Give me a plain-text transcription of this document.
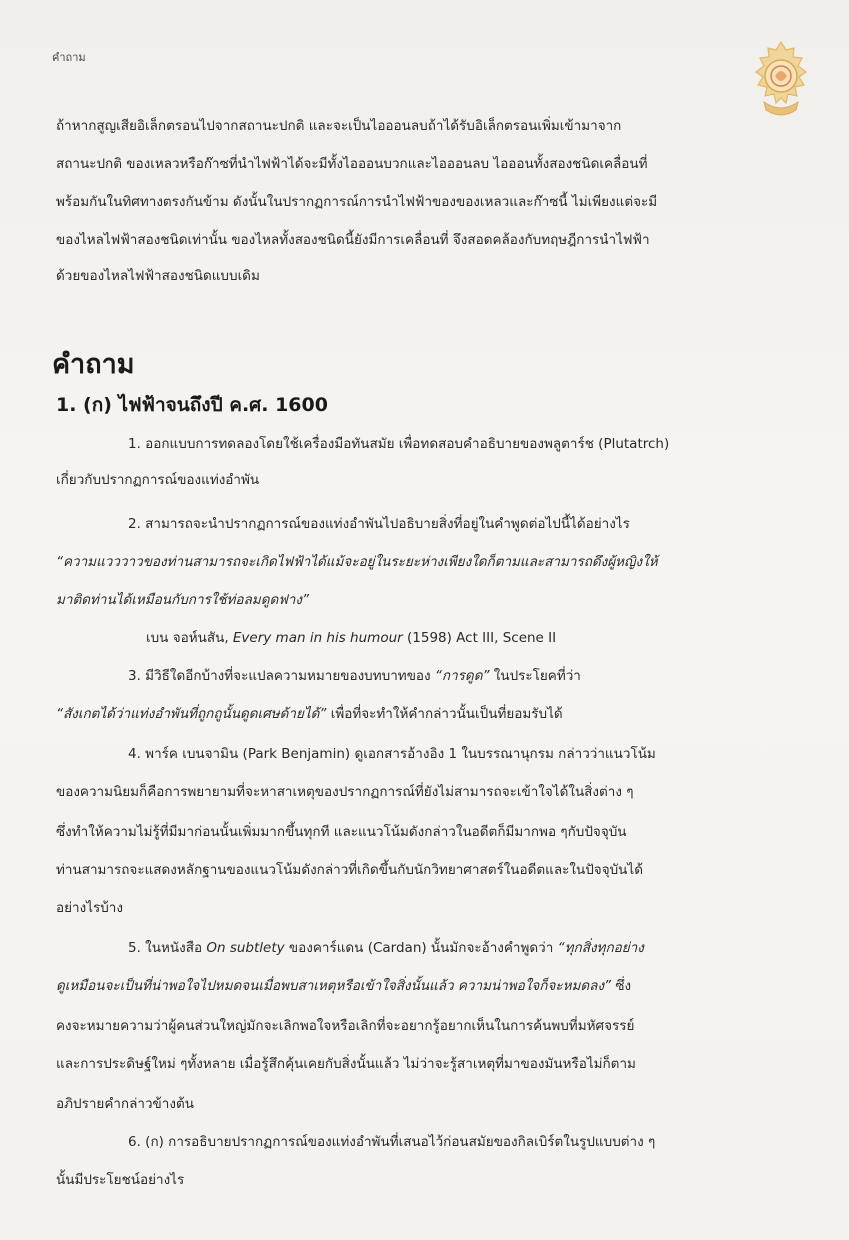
คำถาม
ถ้าหากสูญเสียอิเล็กตรอนไปจากสถานะปกติ และจะเป็นไอออนลบถ้าได้รับอิเล็กตรอนเพิ่มเข้ามาจาก
สถานะปกติ ของเหลวหรือก๊าซที่นำไฟฟ้าได้จะมีทั้งไอออนบวกและไอออนลบ ไอออนทั้งสองชนิดเคลื่อนที่
พร้อมกันในทิศทางตรงกันข้าม ดังนั้นในปรากฏการณ์การนำไฟฟ้าของของเหลวและก๊าซนี้ ไม่เพียงแต่จะมี
ของไหลไฟฟ้าสองชนิดเท่านั้น ของไหลทั้งสองชนิดนี้ยังมีการเคลื่อนที่ จึงสอดคล้องกับทฤษฎีการนำไฟฟ้า
ด้วยของไหลไฟฟ้าสองชนิดแบบเดิม
คำถาม
1. (ก) ไฟฟ้าจนถึงปี ค.ศ. 1600
1. ออกแบบการทดลองโดยใช้เครื่องมือทันสมัย เพื่อทดสอบคำอธิบายของพลูตาร์ช (Plutatrch)
เกี่ยวกับปรากฏการณ์ของแท่งอำพัน
2. สามารถจะนำปรากฏการณ์ของแท่งอำพันไปอธิบายสิ่งที่อยู่ในคำพูดต่อไปนี้ได้อย่างไร
“ความแวววาวของท่านสามารถจะเกิดไฟฟ้าได้แม้จะอยู่ในระยะห่างเพียงใดก็ตามและสามารถดึงผู้หญิงให้
มาติดท่านได้เหมือนกับการใช้ท่อลมดูดฟาง”
เบน จอห์นสัน, Every man in his humour (1598) Act III, Scene II
3. มีวิธีใดอีกบ้างที่จะแปลความหมายของบทบาทของ “การดูด” ในประโยคที่ว่า
“สังเกตได้ว่าแท่งอำพันที่ถูกถูนั้นดูดเศษด้ายได้” เพื่อที่จะทำให้คำกล่าวนั้นเป็นที่ยอมรับได้
4. พาร์ค เบนจามิน (Park Benjamin) ดูเอกสารอ้างอิง 1 ในบรรณานุกรม กล่าวว่าแนวโน้ม
ของความนิยมก็คือการพยายามที่จะหาสาเหตุของปรากฏการณ์ที่ยังไม่สามารถจะเข้าใจได้ในสิ่งต่าง ๆ
ซึ่งทำให้ความไม่รู้ที่มีมาก่อนนั้นเพิ่มมากขึ้นทุกที และแนวโน้มดังกล่าวในอดีตก็มีมากพอ ๆกับปัจจุบัน
ท่านสามารถจะแสดงหลักฐานของแนวโน้มดังกล่าวที่เกิดขึ้นกับนักวิทยาศาสตร์ในอดีตและในปัจจุบันได้
อย่างไรบ้าง
5. ในหนังสือ On subtlety ของคาร์แดน (Cardan) นั้นมักจะอ้างคำพูดว่า “ทุกสิ่งทุกอย่าง
ดูเหมือนจะเป็นที่น่าพอใจไปหมดจนเมื่อพบสาเหตุหรือเข้าใจสิ่งนั้นแล้ว ความน่าพอใจก็จะหมดลง” ซึ่ง
คงจะหมายความว่าผู้คนส่วนใหญ่มักจะเลิกพอใจหรือเลิกที่จะอยากรู้อยากเห็นในการค้นพบที่มหัศจรรย์
และการประดิษฐ์ใหม่ ๆทั้งหลาย เมื่อรู้สึกคุ้นเคยกับสิ่งนั้นแล้ว ไม่ว่าจะรู้สาเหตุที่มาของมันหรือไม่ก็ตาม
อภิปรายคำกล่าวข้างต้น
6. (ก) การอธิบายปรากฏการณ์ของแท่งอำพันที่เสนอไว้ก่อนสมัยของกิลเบิร์ตในรูปแบบต่าง ๆ
นั้นมีประโยชน์อย่างไร
